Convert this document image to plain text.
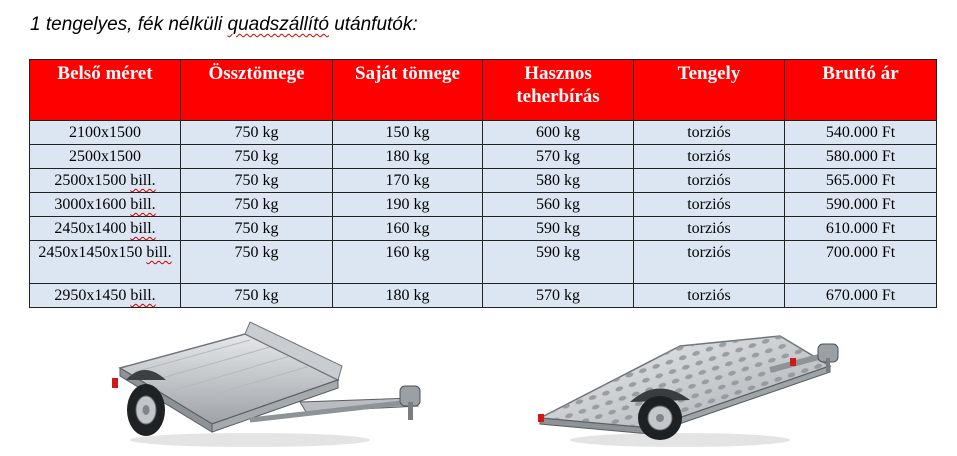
1 tengelyes, fék nélküli quadszállító utánfutók:
Belső méret	Össztömege	Saját tömege	Hasznos teherbírás	Tengely	Bruttó ár
2100x1500	750 kg	150 kg	600 kg	torziós	540.000 Ft
2500x1500	750 kg	180 kg	570 kg	torziós	580.000 Ft
2500x1500 bill.	750 kg	170 kg	580 kg	torziós	565.000 Ft
3000x1600 bill.	750 kg	190 kg	560 kg	torziós	590.000 Ft
2450x1400 bill.	750 kg	160 kg	590 kg	torziós	610.000 Ft
2450x1450x150 bill.	750 kg	160 kg	590 kg	torziós	700.000 Ft
2950x1450 bill.	750 kg	180 kg	570 kg	torziós	670.000 Ft
